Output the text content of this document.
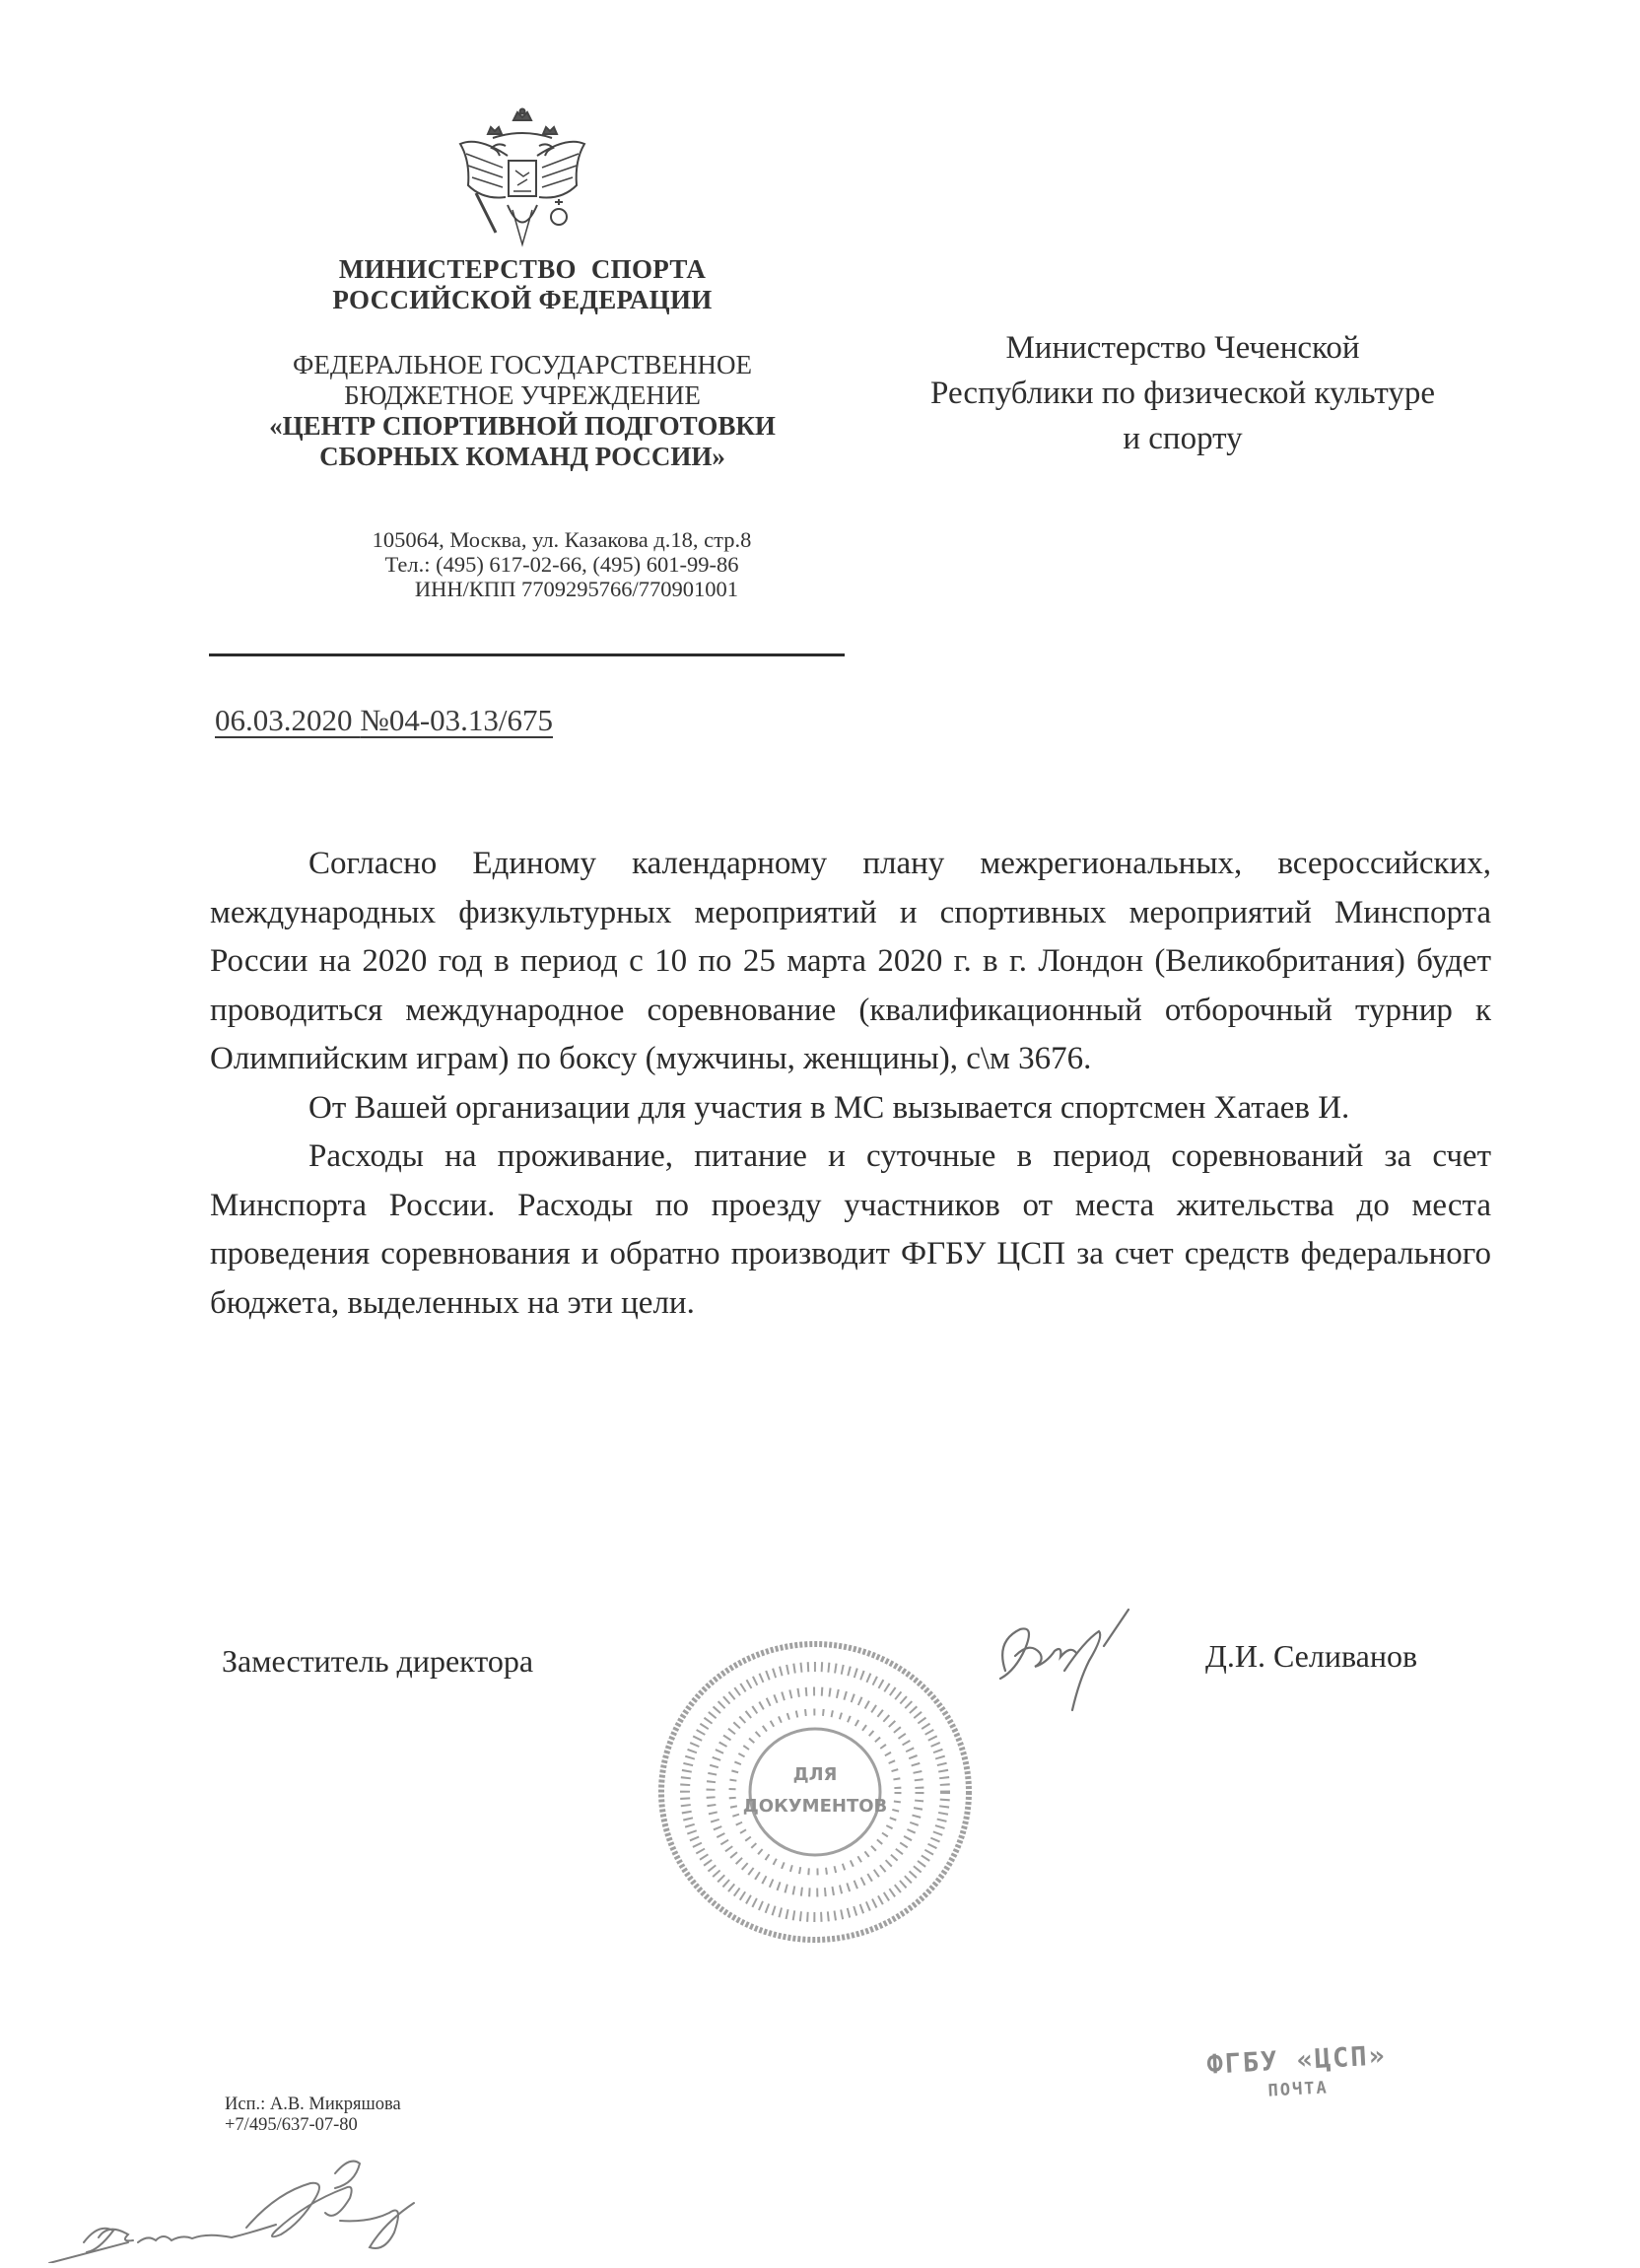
МИНИСТЕРСТВО СПОРТА
РОССИЙСКОЙ ФЕДЕРАЦИИ
ФЕДЕРАЛЬНОЕ ГОСУДАРСТВЕННОЕ
БЮДЖЕТНОЕ УЧРЕЖДЕНИЕ
«ЦЕНТР СПОРТИВНОЙ ПОДГОТОВКИ
СБОРНЫХ КОМАНД РОССИИ»
105064, Москва, ул. Казакова д.18, стр.8
Тел.: (495) 617-02-66, (495) 601-99-86
ИНН/КПП 7709295766/770901001
06.03.2020 №04-03.13/675
Министерство Чеченской
Республики по физической культуре
и спорту

Согласно Единому календарному плану межрегиональных, всероссийских, международных физкультурных мероприятий и спортивных мероприятий Минспорта России на 2020 год в период с 10 по 25 марта 2020 г. в г. Лондон (Великобритания) будет проводиться международное соревнование (квалификационный отборочный турнир к Олимпийским играм) по боксу (мужчины, женщины), с\м 3676.

От Вашей организации для участия в МС вызывается спортсмен Хатаев И.

Расходы на проживание, питание и суточные в период соревнований за счет Минспорта России. Расходы по проезду участников от места жительства до места проведения соревнования и обратно производит ФГБУ ЦСП за счет средств федерального бюджета, выделенных на эти цели.

Заместитель директора
ДЛЯ
ДОКУМЕНТОВ
Д.И. Селиванов
Исп.: А.В. Микряшова
+7/495/637-07-80
ФГБУ «ЦСП»
ПОЧТА
